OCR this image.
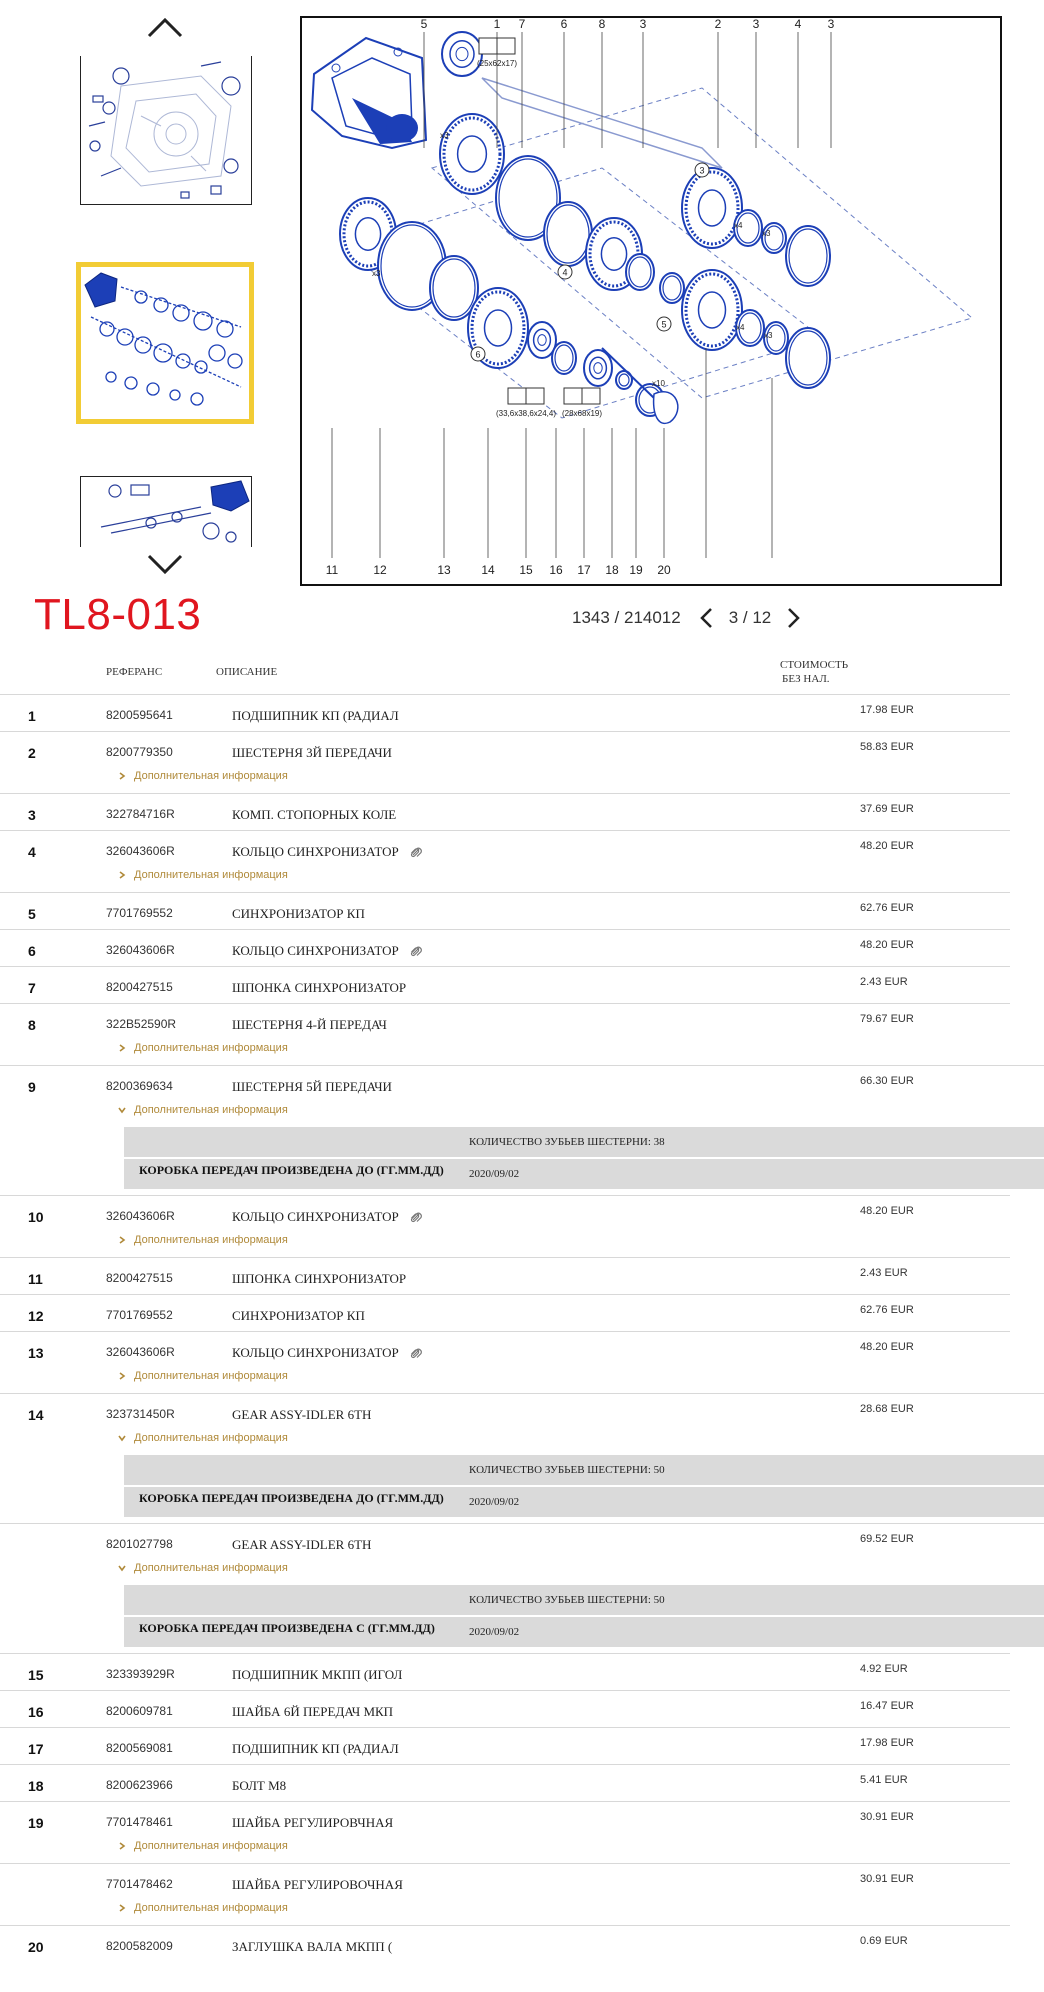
5	1 7	6	8	3	2	3	4 3
11	12	13	14 15 16 17 18 19 20
(25x62x17)
(33,6x38,6x24,4) (28x68x19)
x3
x4
x3
x4
x3
x3
x10
3
4
5
6
TL8-013	1343 / 214012	3 / 12
РЕФЕРАНС	ОПИСАНИЕ
СТОИМОСТЬ
БЕЗ НАЛ.
1	8200595641	ПОДШИПНИК КП (РАДИАЛ	17.98 EUR
2	8200779350	ШЕСТЕРНЯ 3Й ПЕРЕДАЧИ	58.83 EUR
Дополнительная информация
3	322784716R	КОМП. СТОПОРНЫХ КОЛЕ	37.69 EUR
4	326043606R	КОЛЬЦО СИНХРОНИЗАТОР	48.20 EUR
Дополнительная информация
5	7701769552	СИНХРОНИЗАТОР КП	62.76 EUR
6	326043606R	КОЛЬЦО СИНХРОНИЗАТОР	48.20 EUR
7	8200427515	ШПОНКА СИНХРОНИЗАТОР	2.43 EUR
8	322B52590R	ШЕСТЕРНЯ 4-Й ПЕРЕДАЧ	79.67 EUR
Дополнительная информация
9	8200369634	ШЕСТЕРНЯ 5Й ПЕРЕДАЧИ	66.30 EUR
Дополнительная информация
КОЛИЧЕСТВО ЗУБЬЕВ ШЕСТЕРНИ: 38
КОРОБКА ПЕРЕДАЧ ПРОИЗВЕДЕНА ДО (ГГ.ММ.ДД)	2020/09/02
10	326043606R	КОЛЬЦО СИНХРОНИЗАТОР	48.20 EUR
Дополнительная информация
11	8200427515	ШПОНКА СИНХРОНИЗАТОР	2.43 EUR
12	7701769552	СИНХРОНИЗАТОР КП	62.76 EUR
13	326043606R	КОЛЬЦО СИНХРОНИЗАТОР	48.20 EUR
Дополнительная информация
14	323731450R	GEAR ASSY-IDLER 6TH	28.68 EUR
Дополнительная информация
КОЛИЧЕСТВО ЗУБЬЕВ ШЕСТЕРНИ: 50
КОРОБКА ПЕРЕДАЧ ПРОИЗВЕДЕНА ДО (ГГ.ММ.ДД)	2020/09/02
8201027798	GEAR ASSY-IDLER 6TH	69.52 EUR
Дополнительная информация
КОЛИЧЕСТВО ЗУБЬЕВ ШЕСТЕРНИ: 50
КОРОБКА ПЕРЕДАЧ ПРОИЗВЕДЕНА С (ГГ.ММ.ДД)	2020/09/02
15	323393929R	ПОДШИПНИК МКПП (ИГОЛ	4.92 EUR
16	8200609781	ШАЙБА 6Й ПЕРЕДАЧ МКП	16.47 EUR
17	8200569081	ПОДШИПНИК КП (РАДИАЛ	17.98 EUR
18	8200623966	БОЛТ М8	5.41 EUR
19	7701478461	ШАЙБА РЕГУЛИРОВЧНАЯ	30.91 EUR
Дополнительная информация
7701478462	ШАЙБА РЕГУЛИРОВОЧНАЯ	30.91 EUR
Дополнительная информация
20	8200582009	ЗАГЛУШКА ВАЛА МКПП (	0.69 EUR
